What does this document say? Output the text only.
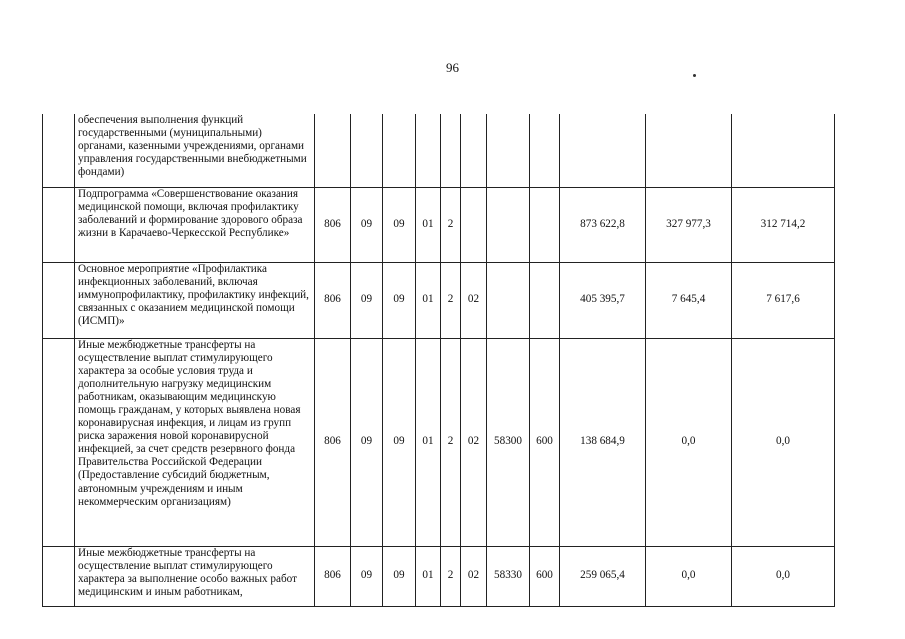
96
	обеспечения выполнения функций государственными (муниципальными) органами, казенными учреждениями, органами управления государственными внебюджетными фондами)											
	Подпрограмма «Совершенствование оказания медицинской помощи, включая профилактику заболеваний и формирование здорового образа жизни в Карачаево-Черкесской Республике»	806	09	09	01	2				873 622,8	327 977,3	312 714,2
	Основное мероприятие «Профилактика инфекционных заболеваний, включая иммунопрофилактику, профилактику инфекций, связанных с оказанием медицинской помощи (ИСМП)»	806	09	09	01	2	02			405 395,7	7 645,4	7 617,6
	Иные межбюджетные трансферты на осуществление выплат стимулирующего характера за особые условия труда и дополнительную нагрузку медицинским работникам, оказывающим медицинскую помощь гражданам, у которых выявлена новая коронавирусная инфекция, и лицам из групп риска заражения новой коронавирусной инфекцией, за счет средств резервного фонда Правительства Российской Федерации (Предоставление субсидий бюджетным, автономным учреждениям и иным некоммерческим организациям)	806	09	09	01	2	02	58300	600	138 684,9	0,0	0,0
	Иные межбюджетные трансферты на осуществление выплат стимулирующего характера за выполнение особо важных работ медицинским и иным работникам,	806	09	09	01	2	02	58330	600	259 065,4	0,0	0,0
